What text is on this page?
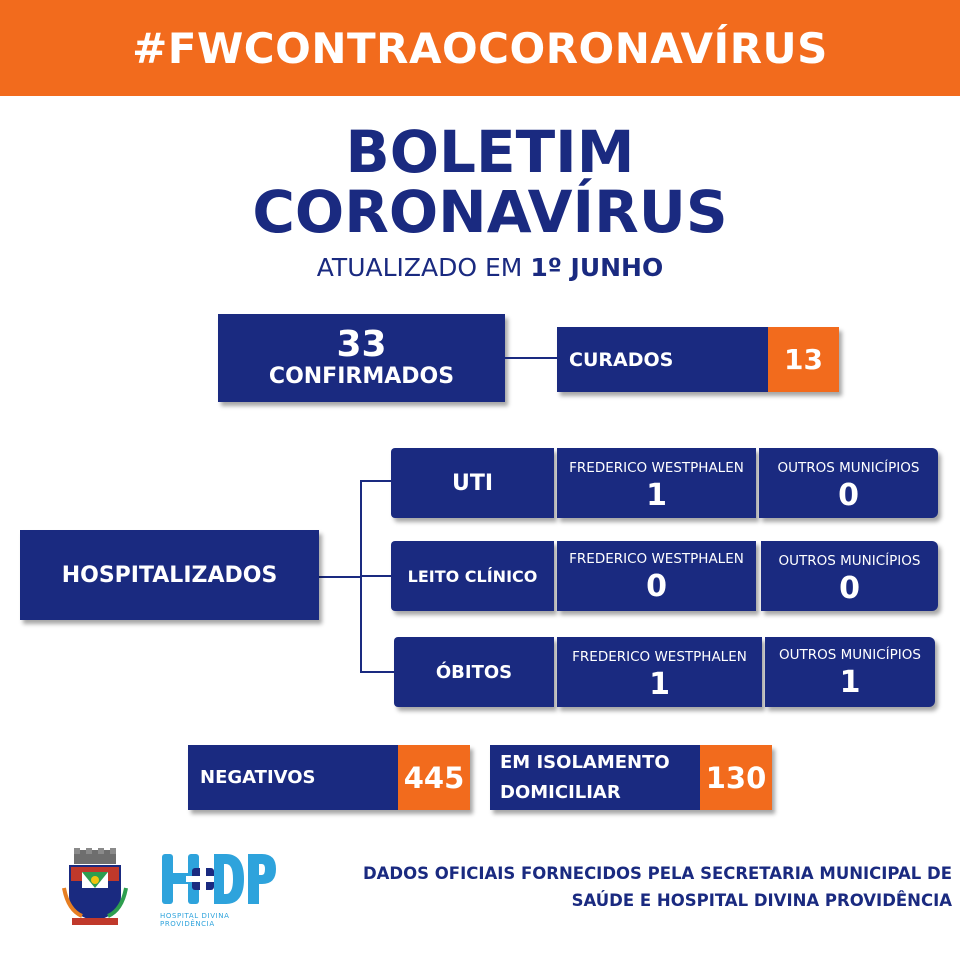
#FWCONTRAOCORONAVÍRUS
BOLETIM
CORONAVÍRUS
ATUALIZADO EM 1º JUNHO
33
CONFIRMADOS
CURADOS	13
HOSPITALIZADOS
UTI
FREDERICO WESTPHALEN
1
OUTROS MUNICÍPIOS
0
LEITO CLÍNICO
FREDERICO WESTPHALEN
0
OUTROS MUNICÍPIOS
0
ÓBITOS
FREDERICO WESTPHALEN
1
OUTROS MUNICÍPIOS
1
NEGATIVOS	445	EM ISOLAMENTO
DOMICILIAR	130
HOSPITAL DIVINA PROVIDÊNCIA
DADOS OFICIAIS FORNECIDOS PELA SECRETARIA MUNICIPAL DE
SAÚDE E HOSPITAL DIVINA PROVIDÊNCIA
